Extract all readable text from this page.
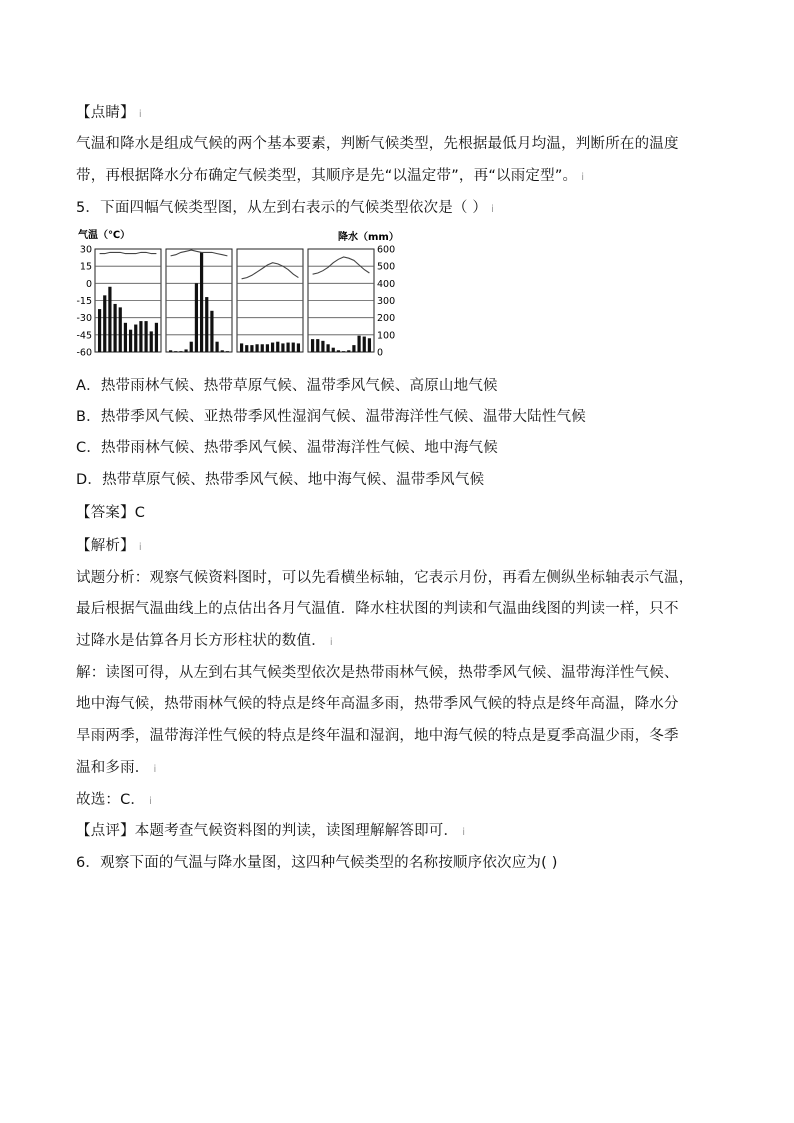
【点睛】 ⅰ
气温和降水是组成气候的两个基本要素，判断气候类型，先根据最低月均温，判断所在的温度
带，再根据降水分布确定气候类型，其顺序是先“以温定带”，再“以雨定型”。 ⅰ
5．下面四幅气候类型图，从左到右表示的气候类型依次是（ ） ⅰ
30
15
0
-15
-30
-45
-60
600
500
400
300
200
100
0
气温（℃）	降水（mm）
A．热带雨林气候、热带草原气候、温带季风气候、高原山地气候
B．热带季风气候、亚热带季风性湿润气候、温带海洋性气候、温带大陆性气候
C．热带雨林气候、热带季风气候、温带海洋性气候、地中海气候
D．热带草原气候、热带季风气候、地中海气候、温带季风气候
【答案】C
【解析】 ⅰ
试题分析：观察气候资料图时，可以先看横坐标轴，它表示月份，再看左侧纵坐标轴表示气温，
最后根据气温曲线上的点估出各月气温值．降水柱状图的判读和气温曲线图的判读一样，只不
过降水是估算各月长方形柱状的数值． ⅰ
解：读图可得，从左到右其气候类型依次是热带雨林气候，热带季风气候、温带海洋性气候、
地中海气候，热带雨林气候的特点是终年高温多雨，热带季风气候的特点是终年高温，降水分
旱雨两季，温带海洋性气候的特点是终年温和湿润，地中海气候的特点是夏季高温少雨，冬季
温和多雨． ⅰ
故选：C． ⅰ
【点评】本题考查气候资料图的判读，读图理解解答即可． ⅰ
6．观察下面的气温与降水量图，这四种气候类型的名称按顺序依次应为( )
